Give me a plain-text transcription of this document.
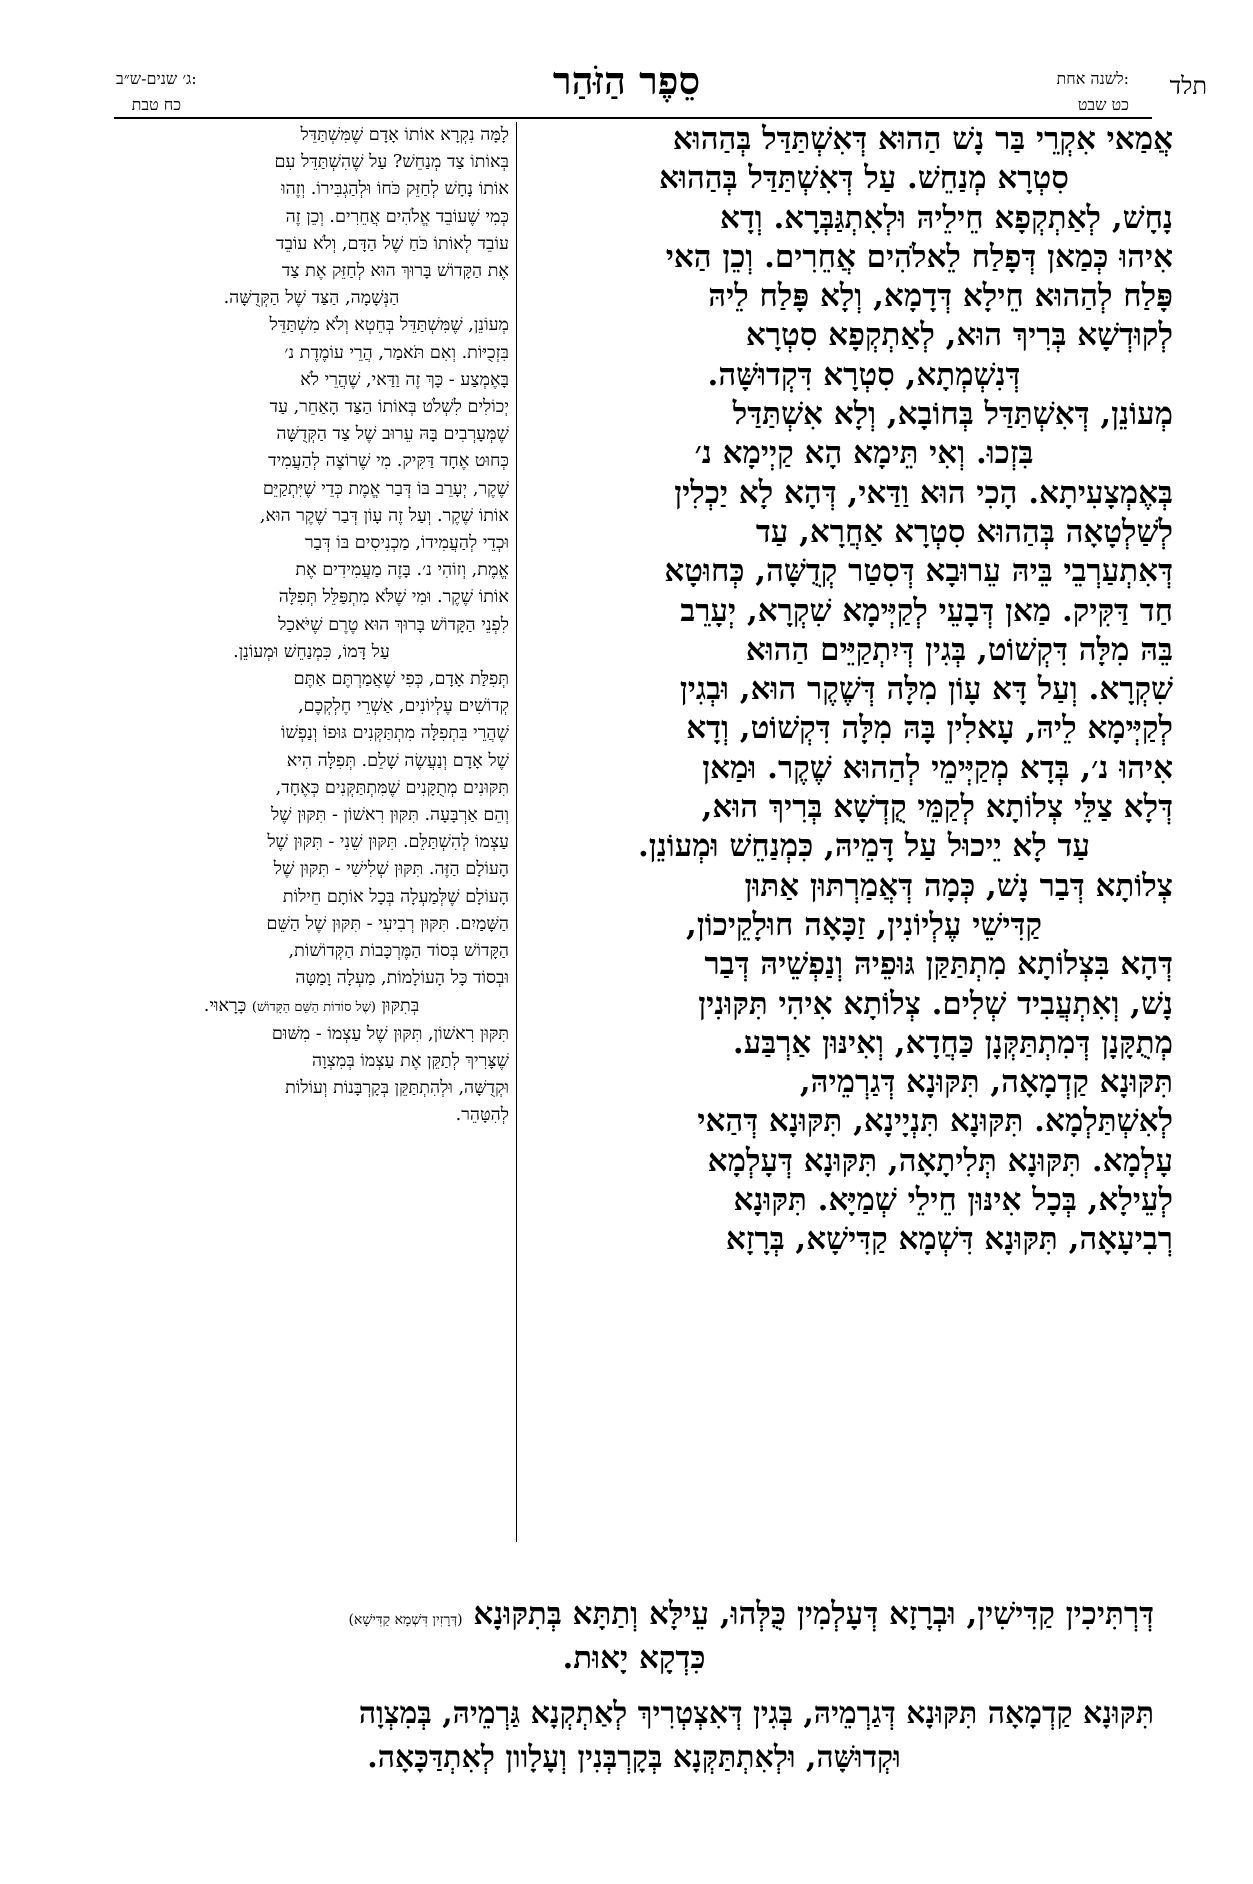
תלד
לשנה אחת:
כט שבט
סֵפֶר הַזֹּהַר
ג׳ שנים-ש״ב:
כח טבת

אֲמַאי אִקְרֵי בַּר נָשׁ הַהוּא דְּאִשְׁתַּדַּל בְּהַהוּא

סִטְרָא מְנַחֵשׁ. עַל דְּאִשְׁתַּדַּל בְּהַהוּא

נָחָשׁ, לְאַתְקְפָא חֵילֵיהּ וּלְאִתְגַּבְּרָא. וְדָא

אִיהוּ כְּמַאן דְּפָלַח לֵאלֹהִים אֲחֵרִים. וְכֵן הַאי

פָּלַח לְהַהוּא חֵילָא דְּדָמָא, וְלָא פָּלַח לֵיהּ

לְקוּדְשָׁא בְּרִיךְ הוּא, לְאַתְקְפָא סִטְרָא

דְּנִשְׁמְתָא, סִטְרָא דִּקְדוּשָּׁה.

מְעוֹנֵן, דְּאִשְׁתַּדַּל בְּחוֹבָא, וְלָא אִשְׁתַּדַּל

בִּזְכוּ. וְאִי תֵּימָא הָא קַיְימָא נ׳

בְּאֶמְצָעִיתָא. הָכִי הוּא וַדַּאי, דְּהָא לָא יַכְלִין

לְשַׁלְטָאָה בְּהַהוּא סִטְרָא אַחֲרָא, עַד

דְּאִתְעַרְבֵי בֵּיהּ עֵרוּבָא דְּסִטַר קְדֻשָּׁה, כְּחוּטָא

חַד דַּקִּיק. מַאן דְּבָעֵי לְקַיְּימָא שִׁקְרָא, יְעָרֵב

בֵּהּ מִלָּה דִּקְשׁוֹט, בְּגִין דְּיִתְקַיֵּים הַהוּא

שִׁקְרָא. וְעַל דָּא עָוֹן מִלָּה דְּשֶׁקֶר הוּא, וּבְגִין

לְקַיְּימָא לֵיהּ, עָאלִין בָּהּ מִלָּה דִּקְשׁוֹט, וְדָא

אִיהוּ נ׳, בְּדָא מְקַיְּימֵי לְהַהוּא שֶׁקֶר. וּמַאן

דְּלָא צַלֵּי צְלוֹתָא לְקַמֵּי קֻדְשָׁא בְּרִיךְ הוּא,

עַד לָא יֵיכוּל עַל דָּמֵיהּ, כִּמְנַחֵשׁ וּמְעוֹנֵן.

צְלוֹתָא דְּבַר נָשׁ, כְּמָה דְּאֲמַרְתּוּן אַתּוּן

קַדִּישֵׁי עֶלְיוֹנִין, זַכָּאָה חוּלָקֵיכוֹן,

דְּהָא בִּצְלוֹתָא מִתְתַּקַּן גּוּפֵיהּ וְנַפְשֵׁיהּ דְּבַר

נָשׁ, וְאִתְעֲבִיד שְׁלִים. צְלוֹתָא אִיהִי תִּקּוּנִין

מְתֻקָּנָן דְּמִתְתַּקְּנָן כַּחֲדָא, וְאִינּוּן אַרְבַּע.

תִּקּוּנָא קַדְמָאָה, תִּקּוּנָא דְּגַרְמֵיהּ,

לְאִשְׁתַּלְמָא. תִּקּוּנָא תִּנְיָינָא, תִּקּוּנָא דְּהַאי

עָלְמָא. תִּקּוּנָא תְּלִיתָאָה, תִּקּוּנָא דְּעָלְמָא

לְעֵילָא, בְּכָל אִינּוּן חֵילֵי שְׁמַיָּא. תִּקּוּנָא

רְבִיעָאָה, תִּקּוּנָא דִּשְׁמָא קַדִּישָׁא, בְּרָזָא

לָמָּה נִקְרָא אוֹתוֹ אָדָם שֶׁמִּשְׁתַּדֵּל

בְּאוֹתוֹ צַד מְנַחֵשׁ? עַל שֶׁהִשְׁתַּדֵּל עִם

אוֹתוֹ נָחָשׁ לְחַזֵּק כֹּחוֹ וּלְהַגְבִּירוֹ. וְזֶהוּ

כְּמִי שֶׁעוֹבֵד אֱלֹהִים אֲחֵרִים. וְכֵן זֶה

עוֹבֵד לְאוֹתוֹ כֹּחַ שֶׁל הַדָּם, וְלֹא עוֹבֵד

אֶת הַקָּדוֹשׁ בָּרוּךְ הוּא לְחַזֵּק אֶת צַד

הַנְּשָׁמָה, הַצַּד שֶׁל הַקְּדֻשָּׁה.

מְעוֹנֵן, שֶׁמִּשְׁתַּדֵּל בְּחֵטְא וְלֹא מִשְׁתַּדֵּל

בִּזְכֻיּוֹת. וְאִם תֹּאמַר, הֲרֵי עוֹמֶדֶת נ׳

בָּאֶמְצַע - כָּךְ זֶה וַדַּאי, שֶׁהֲרֵי לֹא

יְכוֹלִים לִשְׁלֹט בְּאוֹתוֹ הַצַּד הָאַחֵר, עַד

שֶׁמְּעָרְבִים בָּהּ עֵרוּב שֶׁל צַד הַקְּדֻשָּׁה

כְּחוּט אֶחָד דַּקִּיק. מִי שֶׁרוֹצֶה לְהַעֲמִיד

שֶׁקֶר, יְעָרֵב בּוֹ דְּבַר אֱמֶת כְּדֵי שֶׁיִּתְקַיֵּם

אוֹתוֹ שֶׁקֶר. וְעַל זֶה עָוֹן דְּבַר שֶׁקֶר הוּא,

וּכְדֵי לְהַעֲמִידוֹ, מַכְנִיסִים בּוֹ דְּבַר

אֱמֶת, וְזוֹהִי נ׳. בָּזֶה מַעֲמִידִים אֶת

אוֹתוֹ שֶׁקֶר. וּמִי שֶׁלֹּא מִתְפַּלֵּל תְּפִלָּה

לִפְנֵי הַקָּדוֹשׁ בָּרוּךְ הוּא טֶרֶם שֶׁיֹּאכַל

עַל דָּמוֹ, כִּמְנַחֵשׁ וּמְעוֹנֵן.

תְּפִלַּת אָדָם, כְּפִי שֶׁאֲמַרְתֶּם אַתֶּם

קְדוֹשִׁים עֶלְיוֹנִים, אַשְׁרֵי חֶלְקְכֶם,

שֶׁהֲרֵי בִּתְפִלָּה מִתְתַּקְּנִים גּוּפוֹ וְנַפְשׁוֹ

שֶׁל אָדָם וְנַעֲשֶׂה שָׁלֵם. תְּפִלָּה הִיא

תִּקּוּנִים מְתֻקָּנִים שֶׁמִּתְתַּקְּנִים כְּאֶחָד,

וְהֵם אַרְבָּעָה. תִּקּוּן רִאשׁוֹן - תִּקּוּן שֶׁל

עַצְמוֹ לְהִשְׁתַּלֵּם. תִּקּוּן שֵׁנִי - תִּקּוּן שֶׁל

הָעוֹלָם הַזֶּה. תִּקּוּן שְׁלִישִׁי - תִּקּוּן שֶׁל

הָעוֹלָם שֶׁלְּמַעְלָה בְּכָל אוֹתָם חֵילוֹת

הַשָּׁמַיִם. תִּקּוּן רְבִיעִי - תִּקּוּן שֶׁל הַשֵּׁם

הַקָּדוֹשׁ בְּסוֹד הַמֶּרְכָּבוֹת הַקְּדוֹשׁוֹת,

וּבְסוֹד כָּל הָעוֹלָמוֹת, מַעְלָה וָמַטָּה

בְּתִקּוּן (שֶׁל סוֹדוֹת הַשֵּׁם הַקָּדוֹשׁ) כָּרָאוּי.

תִּקּוּן רִאשׁוֹן, תִּקּוּן שֶׁל עַצְמוֹ - מִשּׁוּם

שֶׁצָּרִיךְ לְתַקֵּן אֶת עַצְמוֹ בְּמִצְוָה

וּקְדֻשָּׁה, וּלְהִתְתַּקֵּן בְּקָרְבָּנוֹת וְעוֹלוֹת

לְהִטָּהֵר.

דְּרְתִּיכִין קַדִּישִׁין, וּבְרָזָא דְּעָלְמִין כֻּלְּהוּ, עֵילָּא וְתַתָּא בְּתִקּוּנָא (דְּרָזִין דִּשְׁמָא קַדִּישָׁא)
כִּדְקָא יָאוּת.
תִּקּוּנָא קַדְמָאָה תִּקּוּנָא דְּגַרְמֵיהּ, בְּגִין דְּאִצְטְרִיךְ לְאַתְקְנָא גַּרְמֵיהּ, בְּמִצְוָה
וּקְדוּשָּׁה, וּלְאִתְתַּקְּנָא בְּקָרְבְּנִין וְעָלָוון לְאִתְדַּכָּאָה.
